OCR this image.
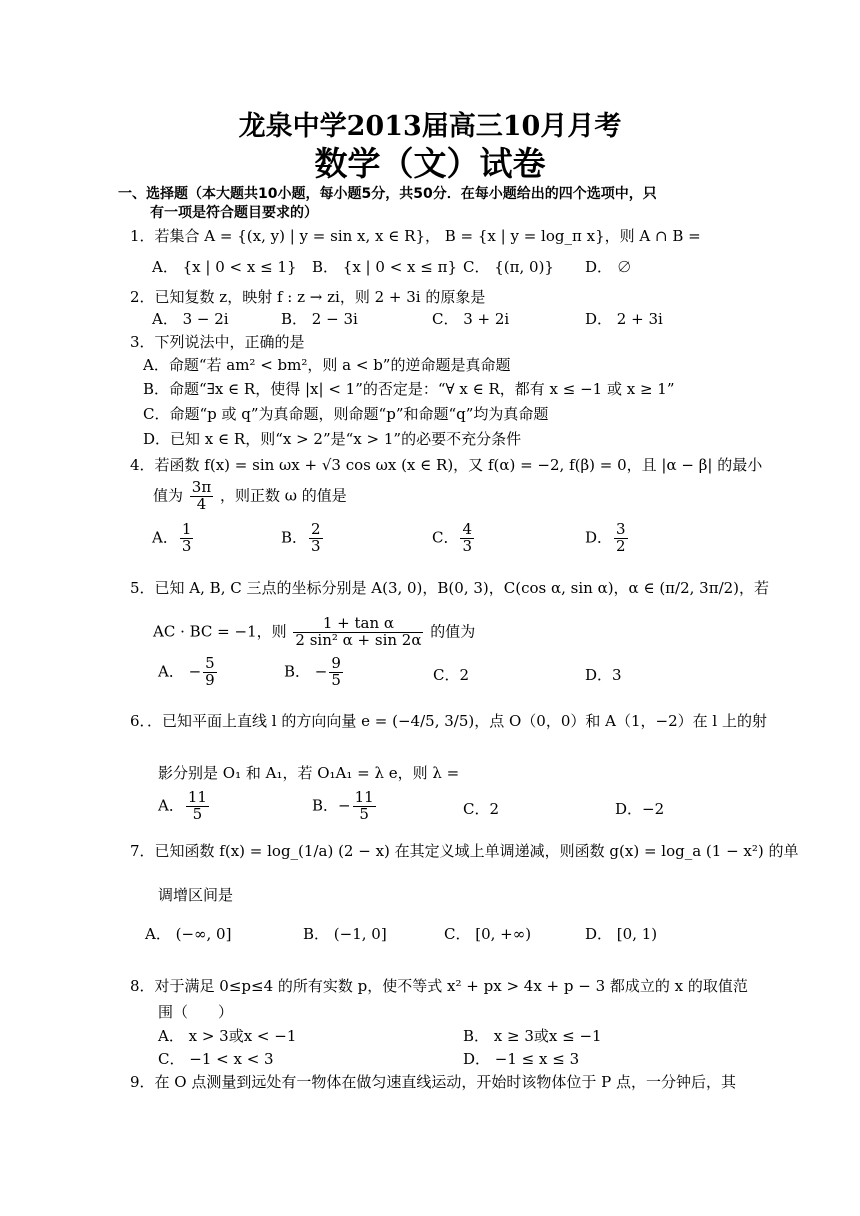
龙泉中学2013届高三10月月考
数学（文）试卷
一、选择题（本大题共10小题，每小题5分，共50分．在每小题给出的四个选项中，只
有一项是符合题目要求的）
1．若集合 A = {(x, y) | y = sin x, x ∈ R}， B = {x | y = log_π x}，则 A ∩ B =
A． {x | 0 < x ≤ 1} B． {x | 0 < x ≤ π} C． {(π, 0)} D． ∅
2．已知复数 z，映射 f : z → zi，则 2 + 3i 的原象是
A． 3 − 2i	B． 2 − 3i	C． 3 + 2i	D． 2 + 3i
3．下列说法中，正确的是
A．命题“若 am² < bm²，则 a < b”的逆命题是真命题
B．命题“∃x ∈ R，使得 |x| < 1”的否定是：“∀ x ∈ R，都有 x ≤ −1 或 x ≥ 1”
C．命题“p 或 q”为真命题，则命题“p”和命题“q”均为真命题
D．已知 x ∈ R，则“x > 2”是“x > 1”的必要不充分条件
4．若函数 f(x) = sin ωx + √3 cos ωx (x ∈ R)，又 f(α) = −2, f(β) = 0，且 |α − β| 的最小
值为 $\frac{3\pi}{4}$ ，则正数 ω 的值是
A． $\frac{1}{3}$	B． $\frac{2}{3}$	C． $\frac{4}{3}$	D． $\frac{3}{2}$
5．已知 A, B, C 三点的坐标分别是 A(3, 0)，B(0, 3)，C(cos α, sin α)，α ∈ (π/2, 3π/2)，若
AC · BC = −1，则 $\frac{\text{1 + tan α}}{\text{2 sin² α + sin 2α}}$ 的值为
A． − $\frac{5}{9}$	B． − $\frac{9}{5}$	C．2	D．3
6．．已知平面上直线 l 的方向向量 e = (−4/5, 3/5)，点 O（0，0）和 A（1，−2）在 l 上的射
影分别是 O₁ 和 A₁，若 O₁A₁ = λ e，则 λ =
A． $\frac{11}{5}$	B．− $\frac{11}{5}$	C．2	D．−2
7．已知函数 f(x) = log_(1/a) (2 − x) 在其定义域上单调递减，则函数 g(x) = log_a (1 − x²) 的单
调增区间是
A． (−∞, 0]	B． (−1, 0]	C． [0, +∞)	D． [0, 1)
8．对于满足 0≤p≤4 的所有实数 p，使不等式 x² + px > 4x + p − 3 都成立的 x 的取值范
围（　　）
A． x > 3或x < −1	B． x ≥ 3或x ≤ −1
C． −1 < x < 3	D． −1 ≤ x ≤ 3
9．在 O 点测量到远处有一物体在做匀速直线运动，开始时该物体位于 P 点，一分钟后，其
